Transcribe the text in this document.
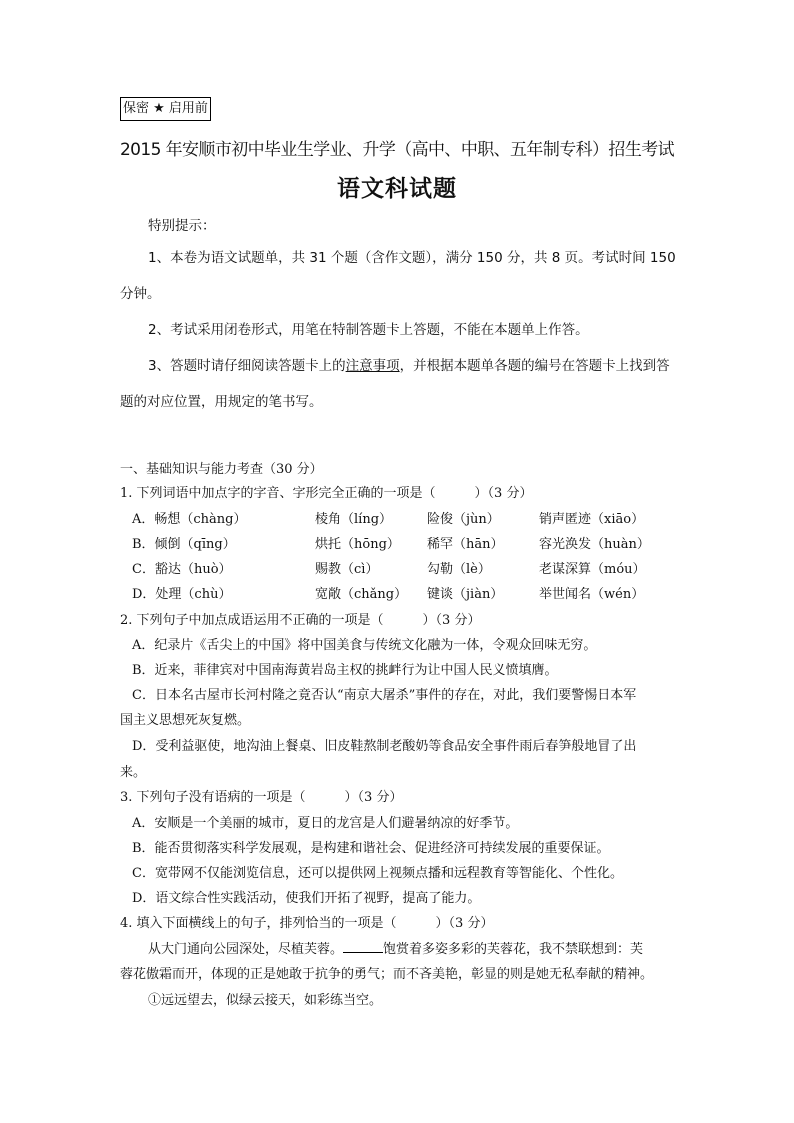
保密 ★ 启用前
2015 年安顺市初中毕业生学业、升学（高中、中职、五年制专科）招生考试
语文科试题
特别提示：
1、本卷为语文试题单，共 31 个题（含作文题），满分 150 分，共 8 页。考试时间 150 分钟。
2、考试采用闭卷形式，用笔在特制答题卡上答题，不能在本题单上作答。
3、答题时请仔细阅读答题卡上的注意事项，并根据本题单各题的编号在答题卡上找到答题的对应位置，用规定的笔书写。
一、基础知识与能力考查（30 分）
1. 下列词语中加点字的字音、字形完全正确的一项是（　　　）（3 分）
A．畅想（chàng）	棱角（líng）	险俊（jùn）	销声匿迹（xiāo）
B．倾倒（qīng）	烘托（hōng） 稀罕（hān）	容光涣发（huàn）
C．豁达（huò）	赐教（cì）	勾勒（lè）	老谋深算（móu）
D．处理（chù）	宽敞（chǎng） 键谈（jiàn）	举世闻名（wén）
2. 下列句子中加点成语运用不正确的一项是（　　　）（3 分）
A．纪录片《舌尖上的中国》将中国美食与传统文化融为一体，令观众回味无穷。
B．近来，菲律宾对中国南海黄岩岛主权的挑衅行为让中国人民义愤填膺。
C．日本名古屋市长河村隆之竟否认“南京大屠杀”事件的存在，对此，我们要警惕日本军
国主义思想死灰复燃。
D．受利益驱使，地沟油上餐桌、旧皮鞋熬制老酸奶等食品安全事件雨后春笋般地冒了出
来。
3. 下列句子没有语病的一项是（　　　）（3 分）
A．安顺是一个美丽的城市，夏日的龙宫是人们避暑纳凉的好季节。
B．能否贯彻落实科学发展观，是构建和谐社会、促进经济可持续发展的重要保证。
C．宽带网不仅能浏览信息，还可以提供网上视频点播和远程教育等智能化、个性化。
D．语文综合性实践活动，使我们开拓了视野，提高了能力。
4. 填入下面横线上的句子，排列恰当的一项是（　　　）（3 分）
从大门通向公园深处，尽植芙蓉。	饱赏着多姿多彩的芙蓉花，我不禁联想到：芙
蓉花傲霜而开，体现的正是她敢于抗争的勇气；而不吝美艳，彰显的则是她无私奉献的精神。
①远远望去，似绿云接天，如彩练当空。
